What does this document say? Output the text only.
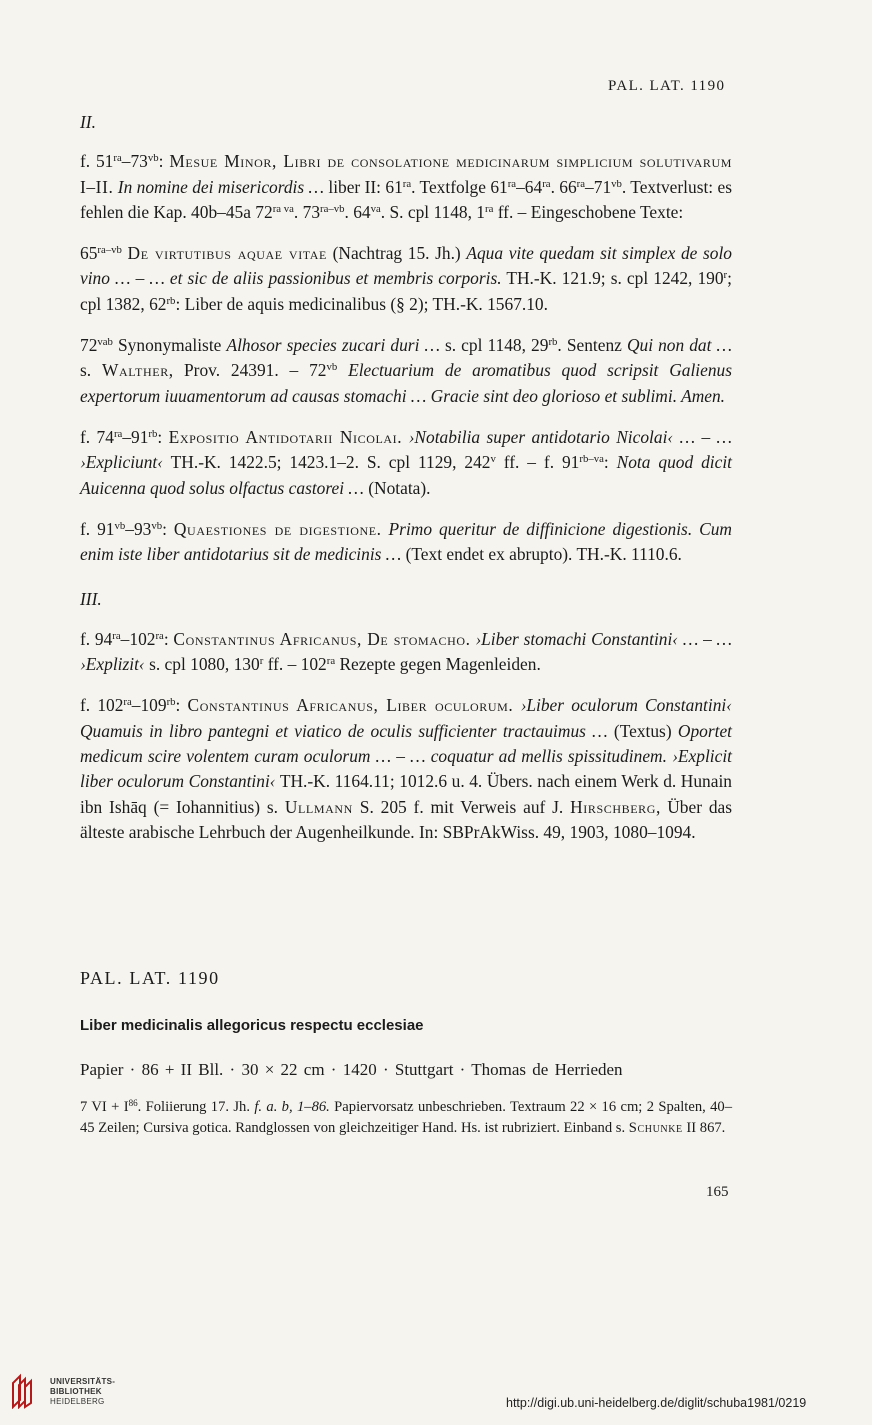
PAL. LAT. 1190

II.

f. $51^{ra}-73^{vb}$: Mesue Minor, Libri de consolatione medicinarum simplicium solutivarum I–II. In nomine dei misericordis … liber II: $61^{ra}$. Textfolge $61^{ra}-64^{ra}$. $66^{ra}-71^{vb}$. Textverlust: es fehlen die Kap. 40b–45a $72^{ra va}$. $73^{ra-vb}$. $64^{va}$. S. cpl 1148, $1^{ra}$ ff. – Eingeschobene Texte:

$65^{ra-vb}$ De virtutibus aquae vitae (Nachtrag 15. Jh.) Aqua vite quedam sit simplex de solo vino … – … et sic de aliis passionibus et membris corporis. TH.-K. 121.9; s. cpl 1242, 190$^r$; cpl 1382, $62^{rb}$: Liber de aquis medicinalibus (§ 2); TH.-K. 1567.10.

$72^{vab}$ Synonymaliste Alhosor species zucari duri … s. cpl 1148, $29^{rb}$. Sentenz Qui non dat … s. Walther, Prov. 24391. – $72^{vb}$ Electuarium de aromatibus quod scripsit Galienus expertorum iuuamentorum ad causas stomachi … Gracie sint deo glorioso et sublimi. Amen.

f. $74^{ra}-91^{rb}$: Expositio Antidotarii Nicolai. ›Notabilia super antidotario Nicolai‹ … – … ›Expliciunt‹ TH.-K. 1422.5; 1423.1–2. S. cpl 1129, 242$^v$ ff. – f. $91^{rb-va}$: Nota quod dicit Auicenna quod solus olfactus castorei … (Notata).

f. $91^{vb}-93^{vb}$: Quaestiones de digestione. Primo queritur de diffinicione digestionis. Cum enim iste liber antidotarius sit de medicinis … (Text endet ex abrupto). TH.-K. 1110.6.

III.

f. $94^{ra}-102^{ra}$: Constantinus Africanus, De stomacho. ›Liber stomachi Constantini‹ … – … ›Explizit‹ s. cpl 1080, 130$^r$ ff. – $102^{ra}$ Rezepte gegen Magenleiden.

f. $102^{ra}-109^{rb}$: Constantinus Africanus, Liber oculorum. ›Liber oculorum Constantini‹ Quamuis in libro pantegni et viatico de oculis sufficienter tractauimus … (Textus) Oportet medicum scire volentem curam oculorum … – … coquatur ad mellis spissitudinem. ›Explicit liber oculorum Constantini‹ TH.-K. 1164.11; 1012.6 u. 4. Übers. nach einem Werk d. Hunain ibn Ishāq (= Iohannitius) s. Ullmann S. 205 f. mit Verweis auf J. Hirschberg, Über das älteste arabische Lehrbuch der Augenheilkunde. In: SBPrAkWiss. 49, 1903, 1080–1094.

PAL. LAT. 1190
Liber medicinalis allegoricus respectu ecclesiae
Papier · 86 + II Bll. · 30 × 22 cm · 1420 · Stuttgart · Thomas de Herrieden
7 VI + $I^{86}$. Foliierung 17. Jh. f. a. b, 1–86. Papiervorsatz unbeschrieben. Textraum 22 × 16 cm; 2 Spalten, 40–45 Zeilen; Cursiva gotica. Randglossen von gleichzeitiger Hand. Hs. ist rubriziert. Einband s. Schunke II 867.
165
UNIVERSITÄTS-
BIBLIOTHEK
HEIDELBERG	http://digi.ub.uni-heidelberg.de/diglit/schuba1981/0219
